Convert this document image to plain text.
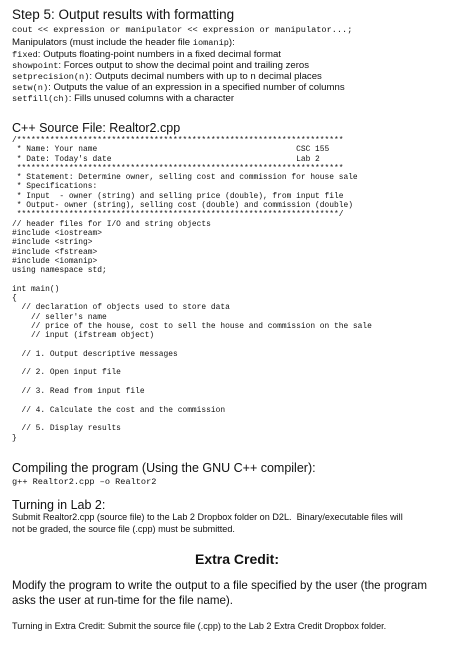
Step 5: Output results with formatting
cout << expression or manipulator << expression or manipulator...;
Manipulators (must include the header file iomanip):
fixed: Outputs floating-point numbers in a fixed decimal format
showpoint: Forces output to show the decimal point and trailing zeros
setprecision(n): Outputs decimal numbers with up to n decimal places
setw(n): Outputs the value of an expression in a specified number of columns
setfill(ch): Fills unused columns with a character
C++ Source File: Realtor2.cpp
/*********************************************************************
* Name: Your name                                          CSC 155
* Date: Today's date                                       Lab 2
*********************************************************************
* Statement: Determine owner, selling cost and commission for house sale
* Specifications:
* Input  - owner (string) and selling price (double), from input file
* Output- owner (string), selling cost (double) and commission (double)
********************************************************************/
// header files for I/O and string objects
#include <iostream>
#include <string>
#include <fstream>
#include <iomanip>
using namespace std;
int main()
{
// declaration of objects used to store data
// seller's name
// price of the house, cost to sell the house and commission on the sale
// input (ifstream object)
// 1. Output descriptive messages
// 2. Open input file
// 3. Read from input file
// 4. Calculate the cost and the commission
// 5. Display results
}
Compiling the program (Using the GNU C++ compiler):
g++ Realtor2.cpp –o Realtor2
Turning in Lab 2:
Submit Realtor2.cpp (source file) to the Lab 2 Dropbox folder on D2L.  Binary/executable files will
not be graded, the source file (.cpp) must be submitted.
Extra Credit:
Modify the program to write the output to a file specified by the user (the program
asks the user at run-time for the file name).
Turning in Extra Credit: Submit the source file (.cpp) to the Lab 2 Extra Credit Dropbox folder.
